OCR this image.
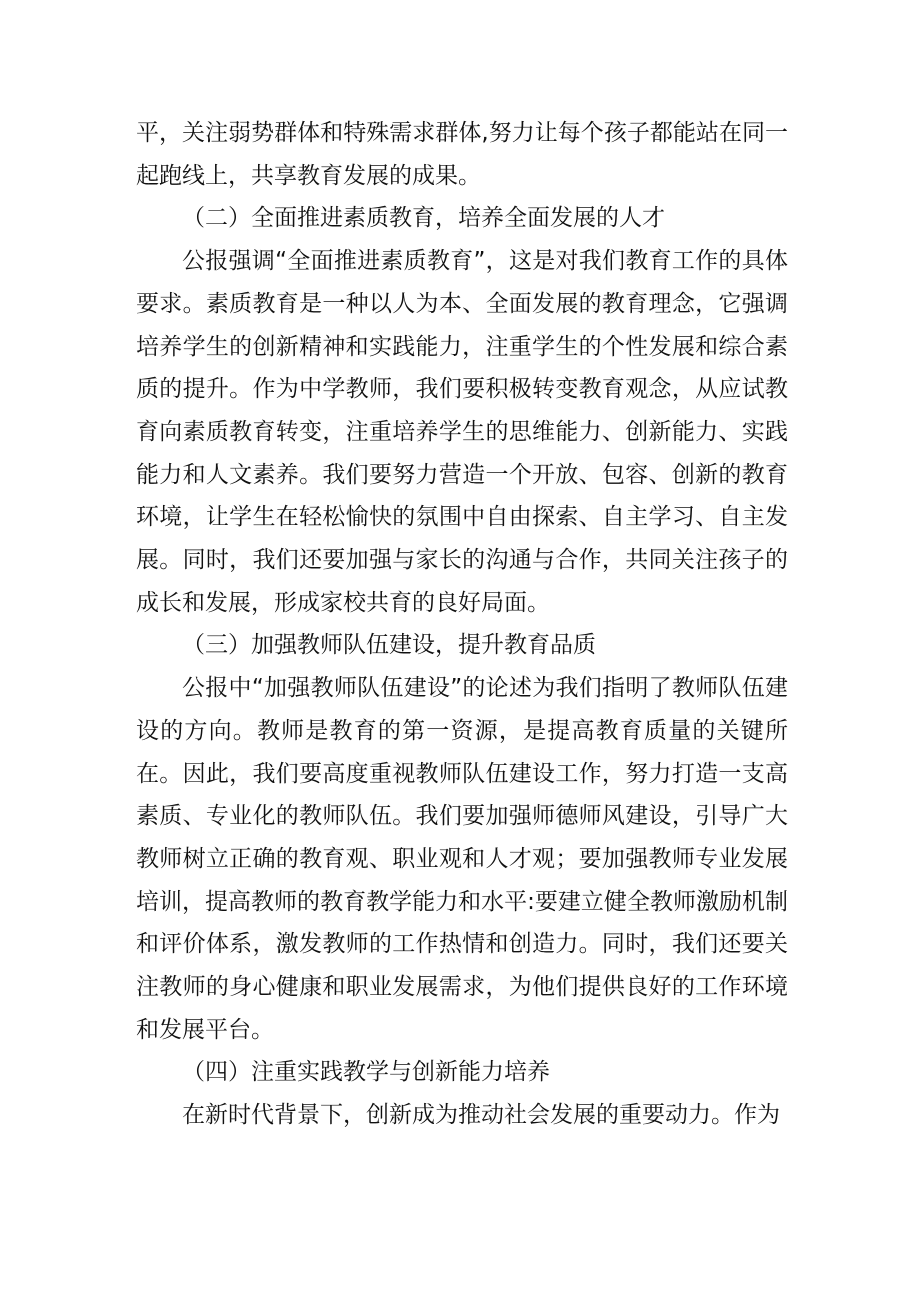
平，关注弱势群体和特殊需求群体,努力让每个孩子都能站在同一起跑线上，共享教育发展的成果。

（二）全面推进素质教育，培养全面发展的人才

公报强调“全面推进素质教育”，这是对我们教育工作的具体要求。素质教育是一种以人为本、全面发展的教育理念，它强调培养学生的创新精神和实践能力，注重学生的个性发展和综合素质的提升。作为中学教师，我们要积极转变教育观念，从应试教育向素质教育转变，注重培养学生的思维能力、创新能力、实践能力和人文素养。我们要努力营造一个开放、包容、创新的教育环境，让学生在轻松愉快的氛围中自由探索、自主学习、自主发展。同时，我们还要加强与家长的沟通与合作，共同关注孩子的成长和发展，形成家校共育的良好局面。

（三）加强教师队伍建设，提升教育品质

公报中“加强教师队伍建设”的论述为我们指明了教师队伍建设的方向。教师是教育的第一资源，是提高教育质量的关键所在。因此，我们要高度重视教师队伍建设工作，努力打造一支高素质、专业化的教师队伍。我们要加强师德师风建设，引导广大教师树立正确的教育观、职业观和人才观；要加强教师专业发展培训，提高教师的教育教学能力和水平:要建立健全教师激励机制和评价体系，激发教师的工作热情和创造力。同时，我们还要关注教师的身心健康和职业发展需求，为他们提供良好的工作环境和发展平台。

（四）注重实践教学与创新能力培养

在新时代背景下，创新成为推动社会发展的重要动力。作为
